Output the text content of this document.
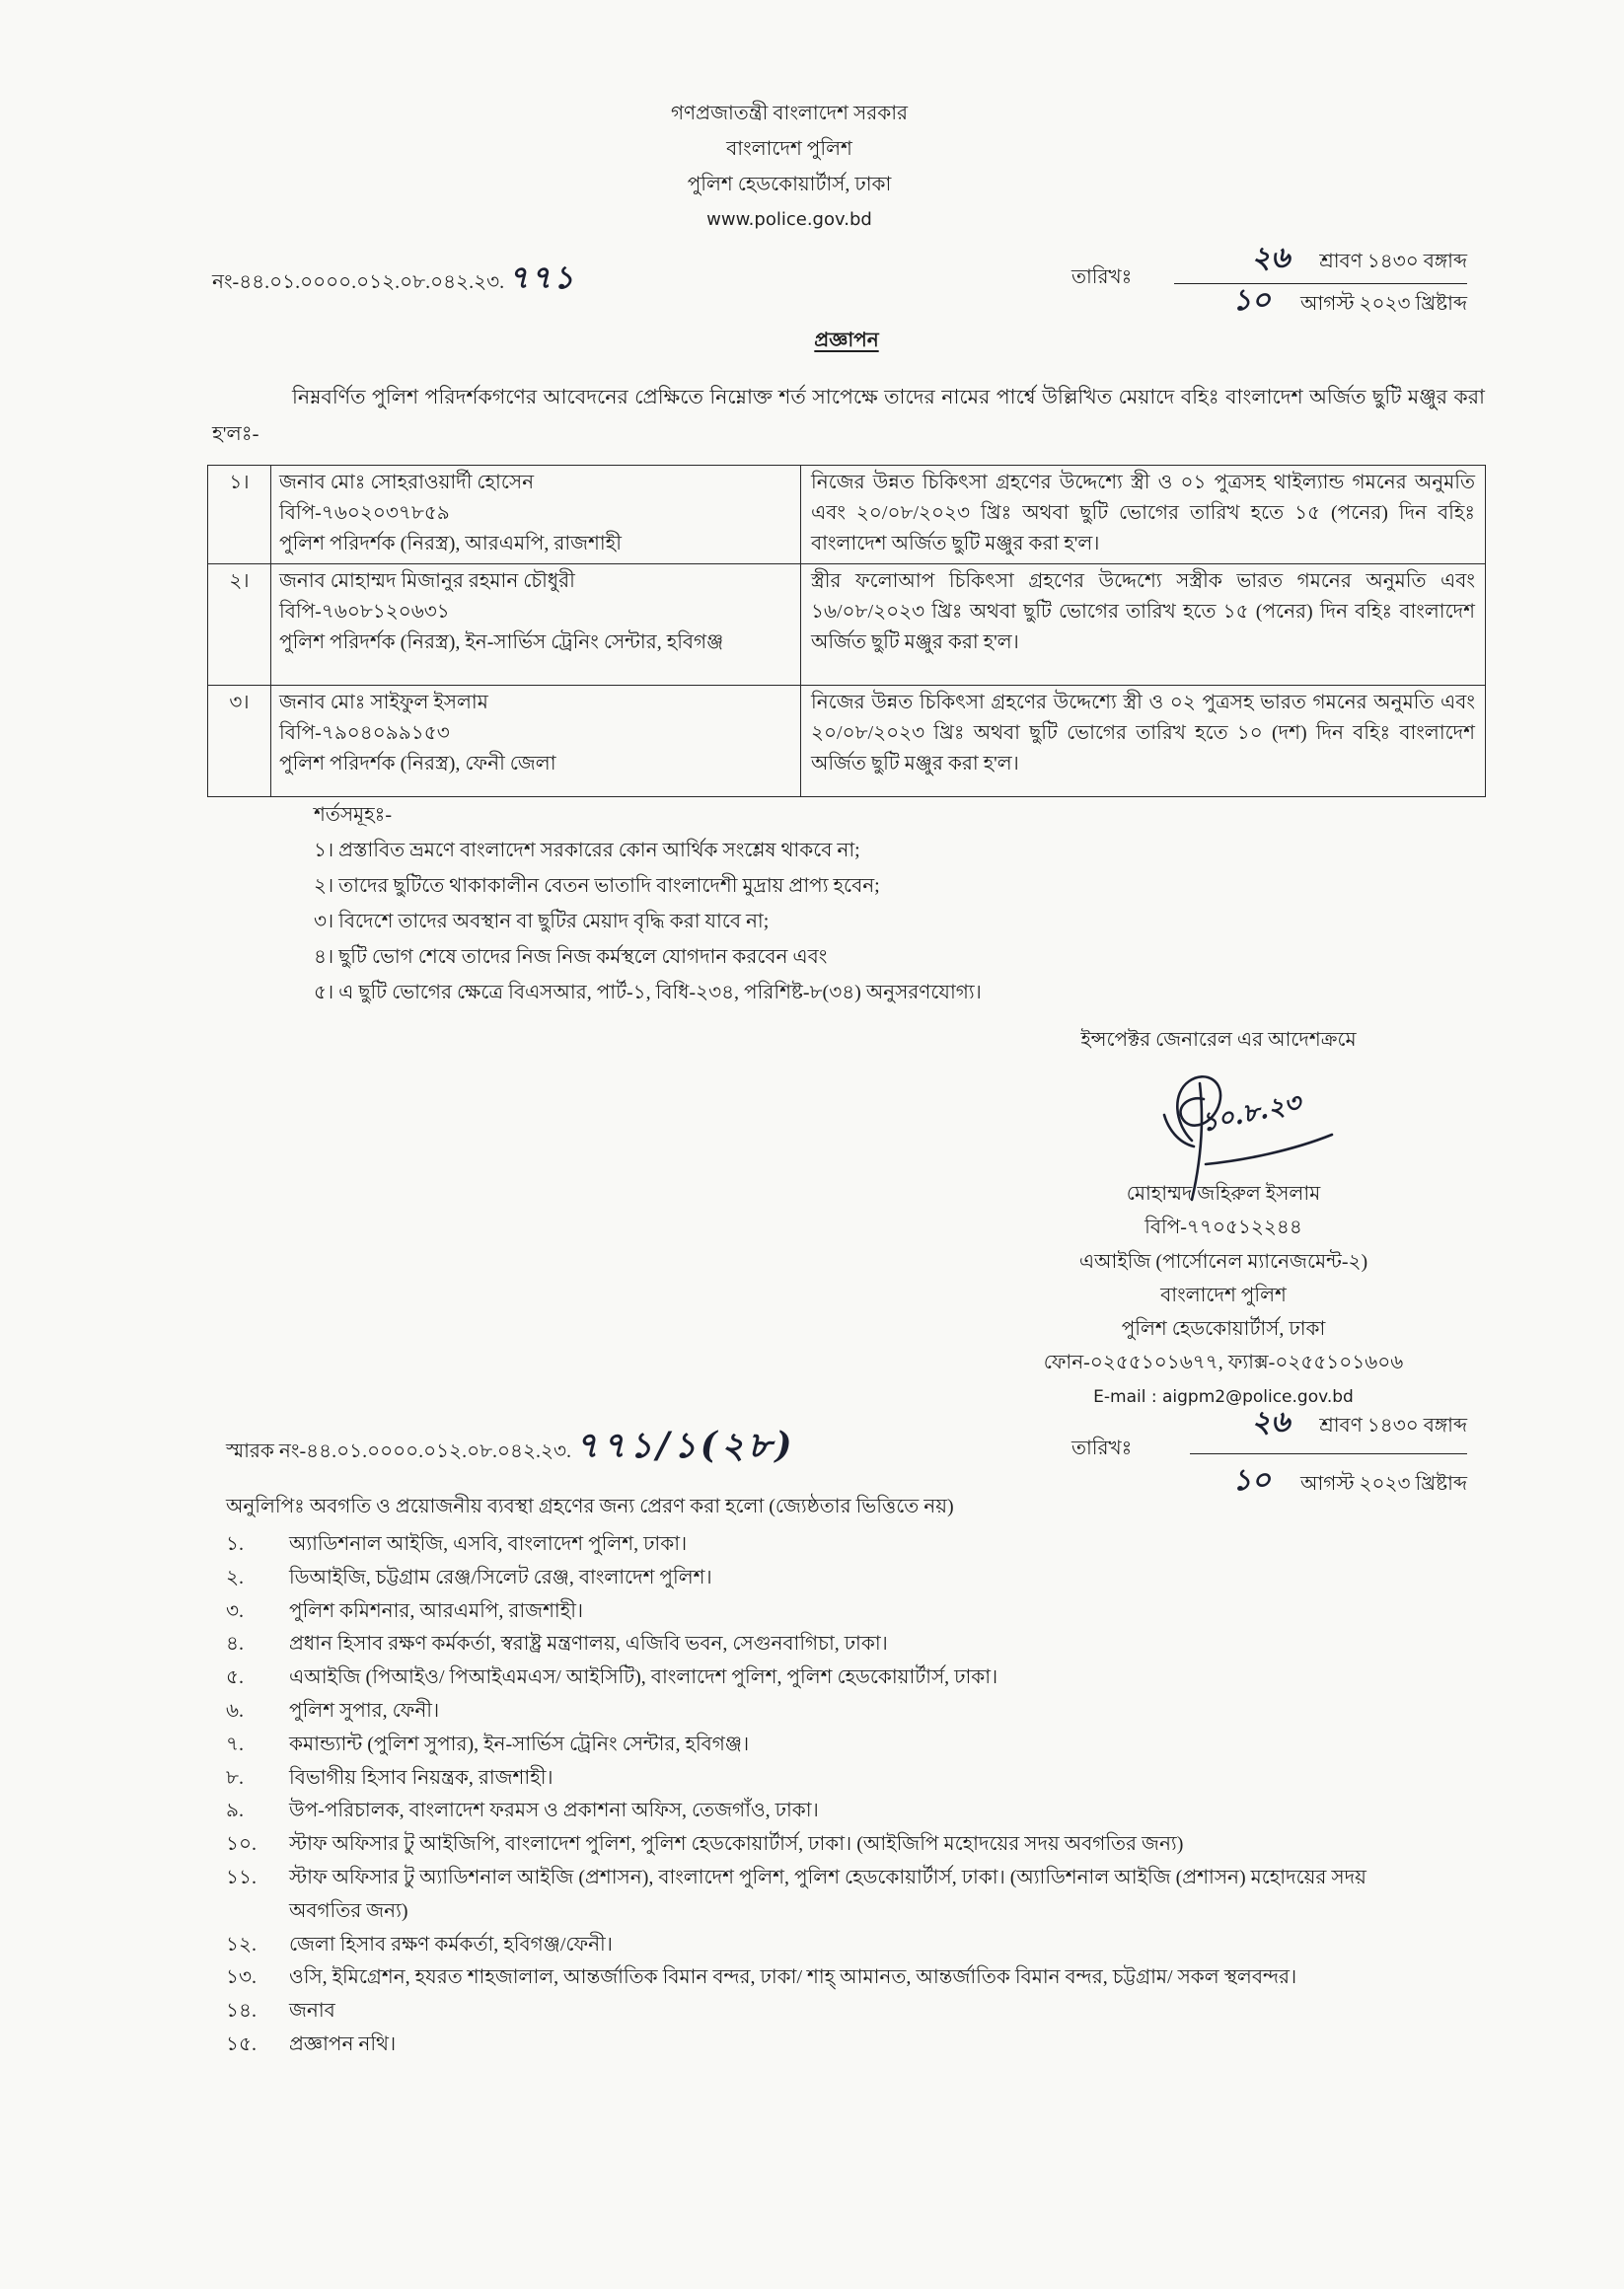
গণপ্রজাতন্ত্রী বাংলাদেশ সরকার
বাংলাদেশ পুলিশ
পুলিশ হেডকোয়ার্টার্স, ঢাকা
www.police.gov.bd
নং-৪৪.০১.০০০০.০১২.০৮.০৪২.২৩. ৭৭১	তারিখঃ
২৬ শ্রাবণ ১৪৩০ বঙ্গাব্দ
১০ আগস্ট ২০২৩ খ্রিষ্টাব্দ
প্রজ্ঞাপন
নিম্নবর্ণিত পুলিশ পরিদর্শকগণের আবেদনের প্রেক্ষিতে নিম্নোক্ত শর্ত সাপেক্ষে তাদের নামের পার্শ্বে উল্লিখিত মেয়াদে বহিঃ বাংলাদেশ অর্জিত ছুটি মঞ্জুর করা হ'লঃ-
১।	জনাব মোঃ সোহরাওয়ার্দী হোসেন
বিপি-৭৬০২০৩৭৮৫৯
পুলিশ পরিদর্শক (নিরস্ত্র), আরএমপি, রাজশাহী	নিজের উন্নত চিকিৎসা গ্রহণের উদ্দেশ্যে স্ত্রী ও ০১ পুত্রসহ থাইল্যান্ড গমনের অনুমতি এবং ২০/০৮/২০২৩ খ্রিঃ অথবা ছুটি ভোগের তারিখ হতে ১৫ (পনের) দিন বহিঃ বাংলাদেশ অর্জিত ছুটি মঞ্জুর করা হ'ল।
২।	জনাব মোহাম্মদ মিজানুর রহমান চৌধুরী
বিপি-৭৬০৮১২০৬৩১
পুলিশ পরিদর্শক (নিরস্ত্র), ইন-সার্ভিস ট্রেনিং সেন্টার, হবিগঞ্জ	স্ত্রীর ফলোআপ চিকিৎসা গ্রহণের উদ্দেশ্যে সস্ত্রীক ভারত গমনের অনুমতি এবং ১৬/০৮/২০২৩ খ্রিঃ অথবা ছুটি ভোগের তারিখ হতে ১৫ (পনের) দিন বহিঃ বাংলাদেশ অর্জিত ছুটি মঞ্জুর করা হ'ল।
৩।	জনাব মোঃ সাইফুল ইসলাম
বিপি-৭৯০৪০৯৯১৫৩
পুলিশ পরিদর্শক (নিরস্ত্র), ফেনী জেলা	নিজের উন্নত চিকিৎসা গ্রহণের উদ্দেশ্যে স্ত্রী ও ০২ পুত্রসহ ভারত গমনের অনুমতি এবং ২০/০৮/২০২৩ খ্রিঃ অথবা ছুটি ভোগের তারিখ হতে ১০ (দশ) দিন বহিঃ বাংলাদেশ অর্জিত ছুটি মঞ্জুর করা হ'ল।
শর্তসমূহঃ-
১। প্রস্তাবিত ভ্রমণে বাংলাদেশ সরকারের কোন আর্থিক সংশ্লেষ থাকবে না;
২। তাদের ছুটিতে থাকাকালীন বেতন ভাতাদি বাংলাদেশী মুদ্রায় প্রাপ্য হবেন;
৩। বিদেশে তাদের অবস্থান বা ছুটির মেয়াদ বৃদ্ধি করা যাবে না;
৪। ছুটি ভোগ শেষে তাদের নিজ নিজ কর্মস্থলে যোগদান করবেন এবং
৫। এ ছুটি ভোগের ক্ষেত্রে বিএসআর, পার্ট-১, বিধি-২৩৪, পরিশিষ্ট-৮(৩৪) অনুসরণযোগ্য।
ইন্সপেক্টর জেনারেল এর আদেশক্রমে
১০.৮.২৩
মোহাম্মদ জহিরুল ইসলাম
বিপি-৭৭০৫১২২৪৪
এআইজি (পার্সোনেল ম্যানেজমেন্ট-২)
বাংলাদেশ পুলিশ
পুলিশ হেডকোয়ার্টার্স, ঢাকা
ফোন-০২৫৫১০১৬৭৭, ফ্যাক্স-০২৫৫১০১৬০৬
E-mail : aigpm2@police.gov.bd
স্মারক নং-৪৪.০১.০০০০.০১২.০৮.০৪২.২৩. ৭৭১/১(২৮)	তারিখঃ
২৬ শ্রাবণ ১৪৩০ বঙ্গাব্দ
১০ আগস্ট ২০২৩ খ্রিষ্টাব্দ
অনুলিপিঃ অবগতি ও প্রয়োজনীয় ব্যবস্থা গ্রহণের জন্য প্রেরণ করা হলো (জ্যেষ্ঠতার ভিত্তিতে নয়)
১.	অ্যাডিশনাল আইজি, এসবি, বাংলাদেশ পুলিশ, ঢাকা।
২.	ডিআইজি, চট্টগ্রাম রেঞ্জ/সিলেট রেঞ্জ, বাংলাদেশ পুলিশ।
৩.	পুলিশ কমিশনার, আরএমপি, রাজশাহী।
৪.	প্রধান হিসাব রক্ষণ কর্মকর্তা, স্বরাষ্ট্র মন্ত্রণালয়, এজিবি ভবন, সেগুনবাগিচা, ঢাকা।
৫.	এআইজি (পিআইও/ পিআইএমএস/ আইসিটি), বাংলাদেশ পুলিশ, পুলিশ হেডকোয়ার্টার্স, ঢাকা।
৬.	পুলিশ সুপার, ফেনী।
৭.	কমান্ড্যান্ট (পুলিশ সুপার), ইন-সার্ভিস ট্রেনিং সেন্টার, হবিগঞ্জ।
৮.	বিভাগীয় হিসাব নিয়ন্ত্রক, রাজশাহী।
৯.	উপ-পরিচালক, বাংলাদেশ ফরমস ও প্রকাশনা অফিস, তেজগাঁও, ঢাকা।
১০.	স্টাফ অফিসার টু আইজিপি, বাংলাদেশ পুলিশ, পুলিশ হেডকোয়ার্টার্স, ঢাকা। (আইজিপি মহোদয়ের সদয় অবগতির জন্য)
১১.	স্টাফ অফিসার টু অ্যাডিশনাল আইজি (প্রশাসন), বাংলাদেশ পুলিশ, পুলিশ হেডকোয়ার্টার্স, ঢাকা। (অ্যাডিশনাল আইজি (প্রশাসন) মহোদয়ের সদয় অবগতির জন্য)
১২.	জেলা হিসাব রক্ষণ কর্মকর্তা, হবিগঞ্জ/ফেনী।
১৩.	ওসি, ইমিগ্রেশন, হযরত শাহজালাল, আন্তর্জাতিক বিমান বন্দর, ঢাকা/ শাহ্ আমানত, আন্তর্জাতিক বিমান বন্দর, চট্টগ্রাম/ সকল স্থলবন্দর।
১৪.	জনাব
১৫.	প্রজ্ঞাপন নথি।
